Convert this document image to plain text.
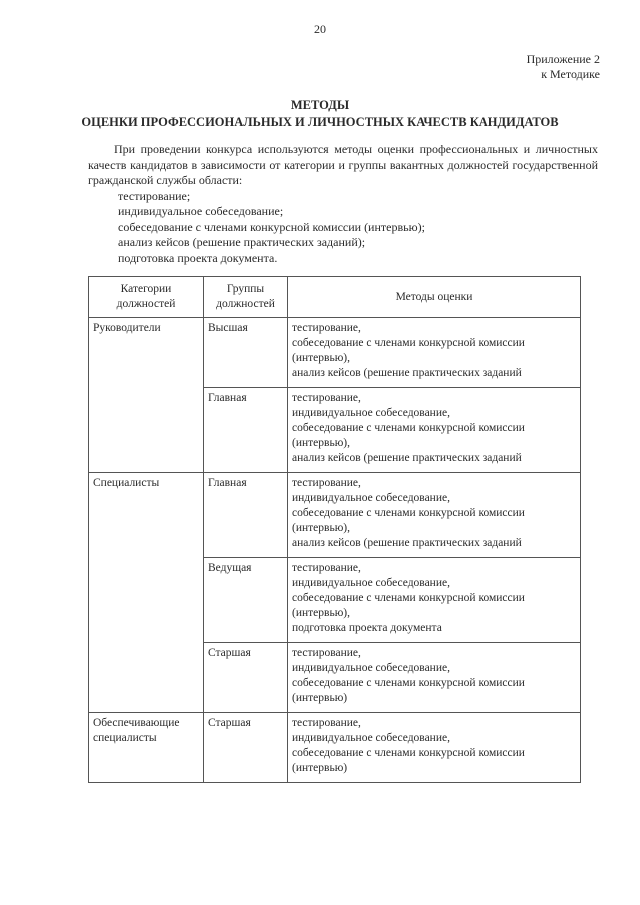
20
Приложение 2
к Методике
МЕТОДЫ
ОЦЕНКИ ПРОФЕССИОНАЛЬНЫХ И ЛИЧНОСТНЫХ КАЧЕСТВ КАНДИДАТОВ
При проведении конкурса используются методы оценки профессиональных и личностных качеств кандидатов в зависимости от категории и группы вакантных должностей государственной гражданской службы области:
тестирование;
индивидуальное собеседование;
собеседование с членами конкурсной комиссии (интервью);
анализ кейсов (решение практических заданий);
подготовка проекта документа.
Категории должностей	Группы должностей	Методы оценки
Руководители	Высшая	тестирование,
собеседование с членами конкурсной комиссии
(интервью),
анализ кейсов (решение практических заданий

	Главная	тестирование,
индивидуальное собеседование,
собеседование с членами конкурсной комиссии
(интервью),
анализ кейсов (решение практических заданий

Специалисты	Главная	тестирование,
индивидуальное собеседование,
собеседование с членами конкурсной комиссии
(интервью),
анализ кейсов (решение практических заданий

	Ведущая	тестирование,
индивидуальное собеседование,
собеседование с членами конкурсной комиссии
(интервью),
подготовка проекта документа

	Старшая	тестирование,
индивидуальное собеседование,
собеседование с членами конкурсной комиссии
(интервью)

Обеспечивающие специалисты	Старшая	тестирование,
индивидуальное собеседование,
собеседование с членами конкурсной комиссии
(интервью)
